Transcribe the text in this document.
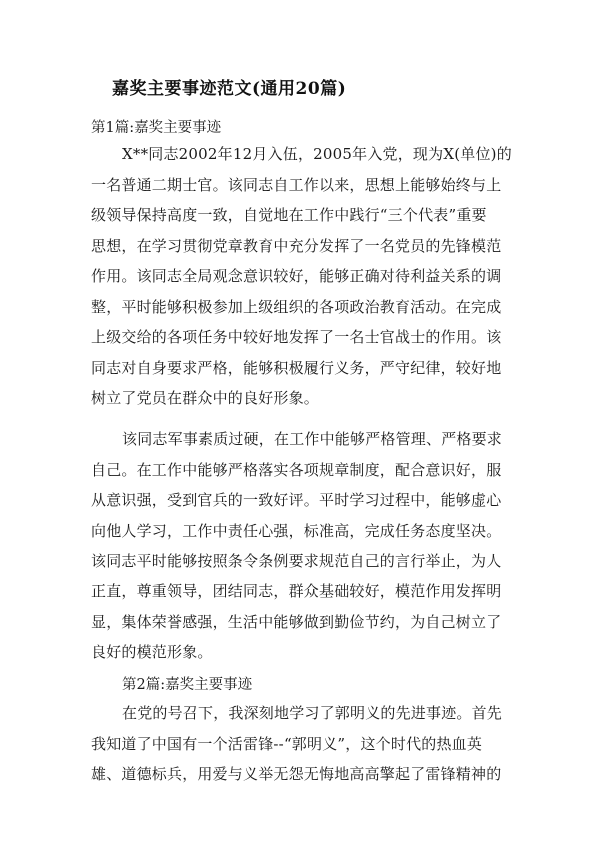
嘉奖主要事迹范文(通用20篇)
第1篇:嘉奖主要事迹
X**同志2002年12月入伍，2005年入党，现为X(单位)的
一名普通二期士官。该同志自工作以来，思想上能够始终与上
级领导保持高度一致，自觉地在工作中践行“三个代表”重要
思想，在学习贯彻党章教育中充分发挥了一名党员的先锋模范
作用。该同志全局观念意识较好，能够正确对待利益关系的调
整，平时能够积极参加上级组织的各项政治教育活动。在完成
上级交给的各项任务中较好地发挥了一名士官战士的作用。该
同志对自身要求严格，能够积极履行义务，严守纪律，较好地
树立了党员在群众中的良好形象。
该同志军事素质过硬，在工作中能够严格管理、严格要求
自己。在工作中能够严格落实各项规章制度，配合意识好，服
从意识强，受到官兵的一致好评。平时学习过程中，能够虚心
向他人学习，工作中责任心强，标准高，完成任务态度坚决。
该同志平时能够按照条令条例要求规范自己的言行举止，为人
正直，尊重领导，团结同志，群众基础较好，模范作用发挥明
显，集体荣誉感强，生活中能够做到勤俭节约，为自己树立了
良好的模范形象。
第2篇:嘉奖主要事迹
在党的号召下，我深刻地学习了郭明义的先进事迹。首先
我知道了中国有一个活雷锋--“郭明义”，这个时代的热血英
雄、道德标兵，用爱与义举无怨无悔地高高擎起了雷锋精神的
